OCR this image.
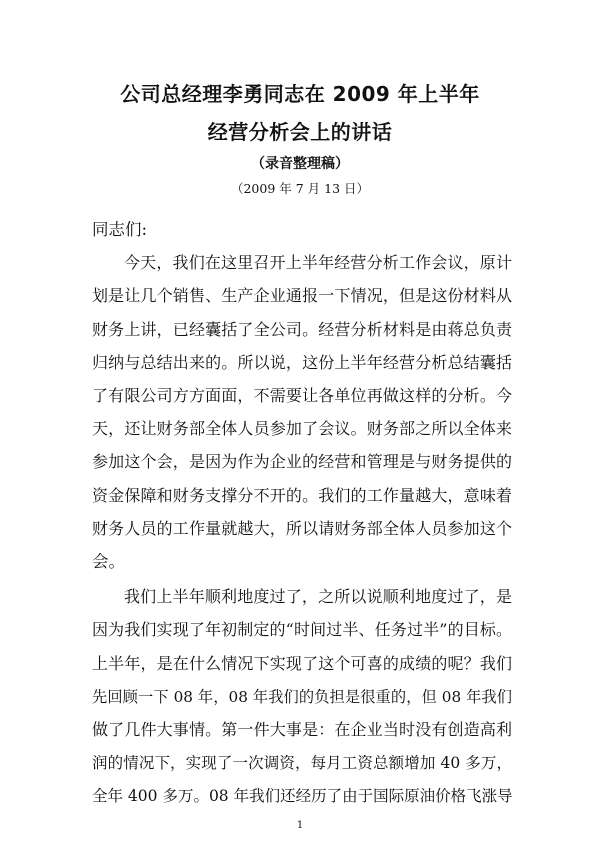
公司总经理李勇同志在 2009 年上半年
经营分析会上的讲话
（录音整理稿）
（2009 年 7 月 13 日）
同志们:
今天，我们在这里召开上半年经营分析工作会议，原计
划是让几个销售、生产企业通报一下情况，但是这份材料从
财务上讲，已经囊括了全公司。经营分析材料是由蒋总负责
归纳与总结出来的。所以说，这份上半年经营分析总结囊括
了有限公司方方面面，不需要让各单位再做这样的分析。今
天，还让财务部全体人员参加了会议。财务部之所以全体来
参加这个会，是因为作为企业的经营和管理是与财务提供的
资金保障和财务支撑分不开的。我们的工作量越大，意味着
财务人员的工作量就越大，所以请财务部全体人员参加这个
会。
我们上半年顺利地度过了，之所以说顺利地度过了，是
因为我们实现了年初制定的“时间过半、任务过半”的目标。
上半年，是在什么情况下实现了这个可喜的成绩的呢？我们
先回顾一下 08 年，08 年我们的负担是很重的，但 08 年我们
做了几件大事情。第一件大事是：在企业当时没有创造高利
润的情况下，实现了一次调资，每月工资总额增加 40 多万，
全年 400 多万。08 年我们还经历了由于国际原油价格飞涨导
1
